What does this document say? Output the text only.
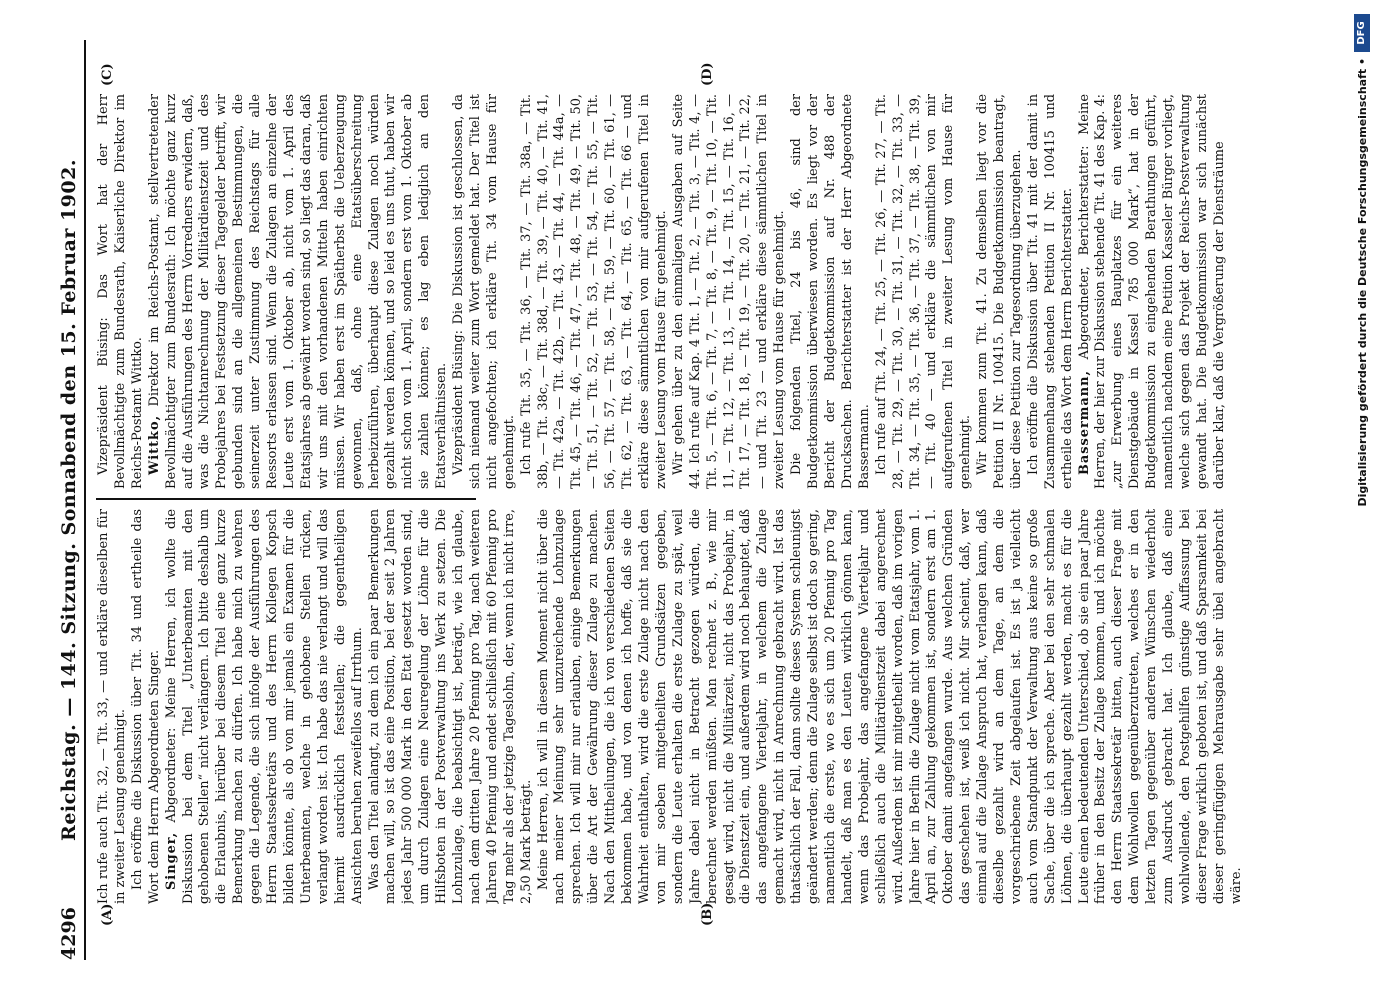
4296
Reichstag. — 144. Sitzung. Sonnabend den 15. Februar 1902.
(A)	(B)
(C)	(D)

Ich rufe auch Tit. 32, — Tit. 33, — und erkläre dieselben für in zweiter Lesung genehmigt. Ich eröffne die Diskussion über Tit. 34 und ertheile das Wort dem Herrn Abgeordneten Singer. Singer, Abgeordneter: Meine Herren, ich wollte die Diskussion bei dem Titel „Unterbeamten mit den gehobenen Stellen“ nicht verlängern. Ich bitte deshalb um die Erlaubnis, hierüber bei diesem Titel eine ganz kurze Bemerkung machen zu dürfen. Ich habe mich zu wehren gegen die Legende, die sich infolge der Ausführungen des Herrn Staatssekretärs und des Herrn Kollegen Kopsch bilden könnte, als ob von mir jemals ein Examen für die Unterbeamten, welche in gehobene Stellen rücken, verlangt worden ist. Ich habe das nie verlangt und will das hiermit ausdrücklich feststellen; die gegentheiligen Ansichten beruhen zweifellos auf Irrthum. Was den Titel anlangt, zu dem ich ein paar Bemerkungen machen will, so ist das eine Position, bei der seit 2 Jahren jedes Jahr 500 000 Mark in den Etat gesetzt worden sind, um durch Zulagen eine Neuregelung der Löhne für die Hilfsboten in der Postverwaltung ins Werk zu setzen. Die Lohnzulage, die beabsichtigt ist, beträgt, wie ich glaube, nach dem dritten Jahre 20 Pfennig pro Tag, nach weiteren Jahren 40 Pfennig und endet schließlich mit 60 Pfennig pro Tag mehr als der jetzige Tageslohn, der, wenn ich nicht irre, 2,50 Mark beträgt. Meine Herren, ich will in diesem Moment nicht über die nach meiner Meinung sehr unzureichende Lohnzulage sprechen. Ich will mir nur erlauben, einige Bemerkungen über die Art der Gewährung dieser Zulage zu machen. Nach den Mittheilungen, die ich von verschiedenen Seiten bekommen habe, und von denen ich hoffe, daß sie die Wahrheit enthalten, wird die erste Zulage nicht nach den von mir soeben mitgetheilten Grundsätzen gegeben, sondern die Leute erhalten die erste Zulage zu spät, weil Jahre dabei nicht in Betracht gezogen würden, die berechnet werden müßten. Man rechnet z. B., wie mir gesagt wird, nicht die Militärzeit, nicht das Probejahr, in die Dienstzeit ein, und außerdem wird noch behauptet, daß das angefangene Vierteljahr, in welchem die Zulage gemacht wird, nicht in Anrechnung gebracht wird. Ist das thatsächlich der Fall, dann sollte dieses System schleunigst geändert werden; denn die Zulage selbst ist doch so gering, namentlich die erste, wo es sich um 20 Pfennig pro Tag handelt, daß man es den Leuten wirklich gönnen kann, wenn das Probejahr, das angefangene Vierteljahr und schließlich auch die Militärdienstzeit dabei angerechnet wird. Außerdem ist mir mitgetheilt worden, daß im vorigen Jahre hier in Berlin die Zulage nicht vom Etatsjahr, vom 1. April an, zur Zahlung gekommen ist, sondern erst am 1. Oktober damit angefangen wurde. Aus welchen Gründen das geschehen ist, weiß ich nicht. Mir scheint, daß, wer einmal auf die Zulage Anspruch hat, verlangen kann, daß dieselbe gezahlt wird an dem Tage, an dem die vorgeschriebene Zeit abgelaufen ist. Es ist ja vielleicht auch vom Standpunkt der Verwaltung aus keine so große Sache, über die ich spreche. Aber bei den sehr schmalen Löhnen, die überhaupt gezahlt werden, macht es für die Leute einen bedeutenden Unterschied, ob sie ein paar Jahre früher in den Besitz der Zulage kommen, und ich möchte den Herrn Staatssekretär bitten, auch dieser Frage mit dem Wohlwollen gegenüberzutreten, welches er in den letzten Tagen gegenüber anderen Wünschen wiederholt zum Ausdruck gebracht hat. Ich glaube, daß eine wohlwollende, den Postgehilfen günstige Auffassung bei dieser Frage wirklich geboten ist, und daß Sparsamkeit bei dieser geringfügigen Mehrausgabe sehr übel angebracht wäre.

Vizepräsident Büsing: Das Wort hat der Herr Bevollmächtigte zum Bundesrath, Kaiserliche Direktor im Reichs-Postamt Wittko. Wittko, Direktor im Reichs-Postamt, stellvertretender Bevollmächtigter zum Bundesrath: Ich möchte ganz kurz auf die Ausführungen des Herrn Vorredners erwidern, daß, was die Nichtanrechnung der Militärdienstzeit und des Probejahres bei Festsetzung dieser Tagegelder betrifft, wir gebunden sind an die allgemeinen Bestimmungen, die seinerzeit unter Zustimmung des Reichstags für alle Ressorts erlassen sind. Wenn die Zulagen an einzelne der Leute erst vom 1. Oktober ab, nicht vom 1. April des Etatsjahres ab gewährt worden sind, so liegt das daran, daß wir uns mit den vorhandenen Mitteln haben einrichten müssen. Wir haben erst im Spätherbst die Ueberzeugung gewonnen, daß, ohne eine Etatsüberschreitung herbeizuführen, überhaupt diese Zulagen noch würden gezahlt werden können, und so leid es uns thut, haben wir nicht schon vom 1. April, sondern erst vom 1. Oktober ab sie zahlen können; es lag eben lediglich an den Etatsverhältnissen. Vizepräsident Büsing: Die Diskussion ist geschlossen, da sich niemand weiter zum Wort gemeldet hat. Der Titel ist nicht angefochten; ich erkläre Tit. 34 vom Hause für genehmigt. Ich rufe Tit. 35, — Tit. 36, — Tit. 37, — Tit. 38a, — Tit. 38b, — Tit. 38c, — Tit. 38d, — Tit. 39, — Tit. 40, — Tit. 41, — Tit. 42a, — Tit. 42b, — Tit. 43, — Tit. 44, — Tit. 44a, — Tit. 45, — Tit. 46, — Tit. 47, — Tit. 48, — Tit. 49, — Tit. 50, — Tit. 51, — Tit. 52, — Tit. 53, — Tit. 54, — Tit. 55, — Tit. 56, — Tit. 57, — Tit. 58, — Tit. 59, — Tit. 60, — Tit. 61, — Tit. 62, — Tit. 63, — Tit. 64, — Tit. 65, — Tit. 66 — und erkläre diese sämmtlichen von mir aufgerufenen Titel in zweiter Lesung vom Hause für genehmigt. Wir gehen über zu den einmaligen Ausgaben auf Seite 44. Ich rufe auf Kap. 4 Tit. 1, — Tit. 2, — Tit. 3, — Tit. 4, — Tit. 5, — Tit. 6, — Tit. 7, — Tit. 8, — Tit. 9, — Tit. 10, — Tit. 11, — Tit. 12, — Tit. 13, — Tit. 14, — Tit. 15, — Tit. 16, — Tit. 17, — Tit. 18, — Tit. 19, — Tit. 20, — Tit. 21, — Tit. 22, — und Tit. 23 — und erkläre diese sämmtlichen Titel in zweiter Lesung vom Hause für genehmigt. Die folgenden Titel, 24 bis 46, sind der Budgetkommission überwiesen worden. Es liegt vor der Bericht der Budgetkommission auf Nr. 488 der Drucksachen. Berichterstatter ist der Herr Abgeordnete Bassermann. Ich rufe auf Tit. 24, — Tit. 25, — Tit. 26, — Tit. 27, — Tit. 28, — Tit. 29, — Tit. 30, — Tit. 31, — Tit. 32, — Tit. 33, — Tit. 34, — Tit. 35, — Tit. 36, — Tit. 37, — Tit. 38, — Tit. 39, — Tit. 40 — und erkläre die sämmtlichen von mir aufgerufenen Titel in zweiter Lesung vom Hause für genehmigt. Wir kommen zum Tit. 41. Zu demselben liegt vor die Petition II Nr. 100415. Die Budgetkommission beantragt, über diese Petition zur Tagesordnung überzugehen. Ich eröffne die Diskussion über Tit. 41 mit der damit in Zusammenhang stehenden Petition II Nr. 100415 und ertheile das Wort dem Herrn Berichterstatter. Bassermann, Abgeordneter, Berichterstatter: Meine Herren, der hier zur Diskussion stehende Tit. 41 des Kap. 4: „zur Erwerbung eines Bauplatzes für ein weiteres Dienstgebäude in Kassel 785 000 Mark“, hat in der Budgetkommission zu eingehenden Berathungen geführt, namentlich nachdem eine Petition Kasseler Bürger vorliegt, welche sich gegen das Projekt der Reichs-Postverwaltung gewandt hat. Die Budgetkommission war sich zunächst darüber klar, daß die Vergrößerung der Diensträume	Digitalisierung gefördert durch die Deutsche Forschungsgemeinschaft •
DFG
